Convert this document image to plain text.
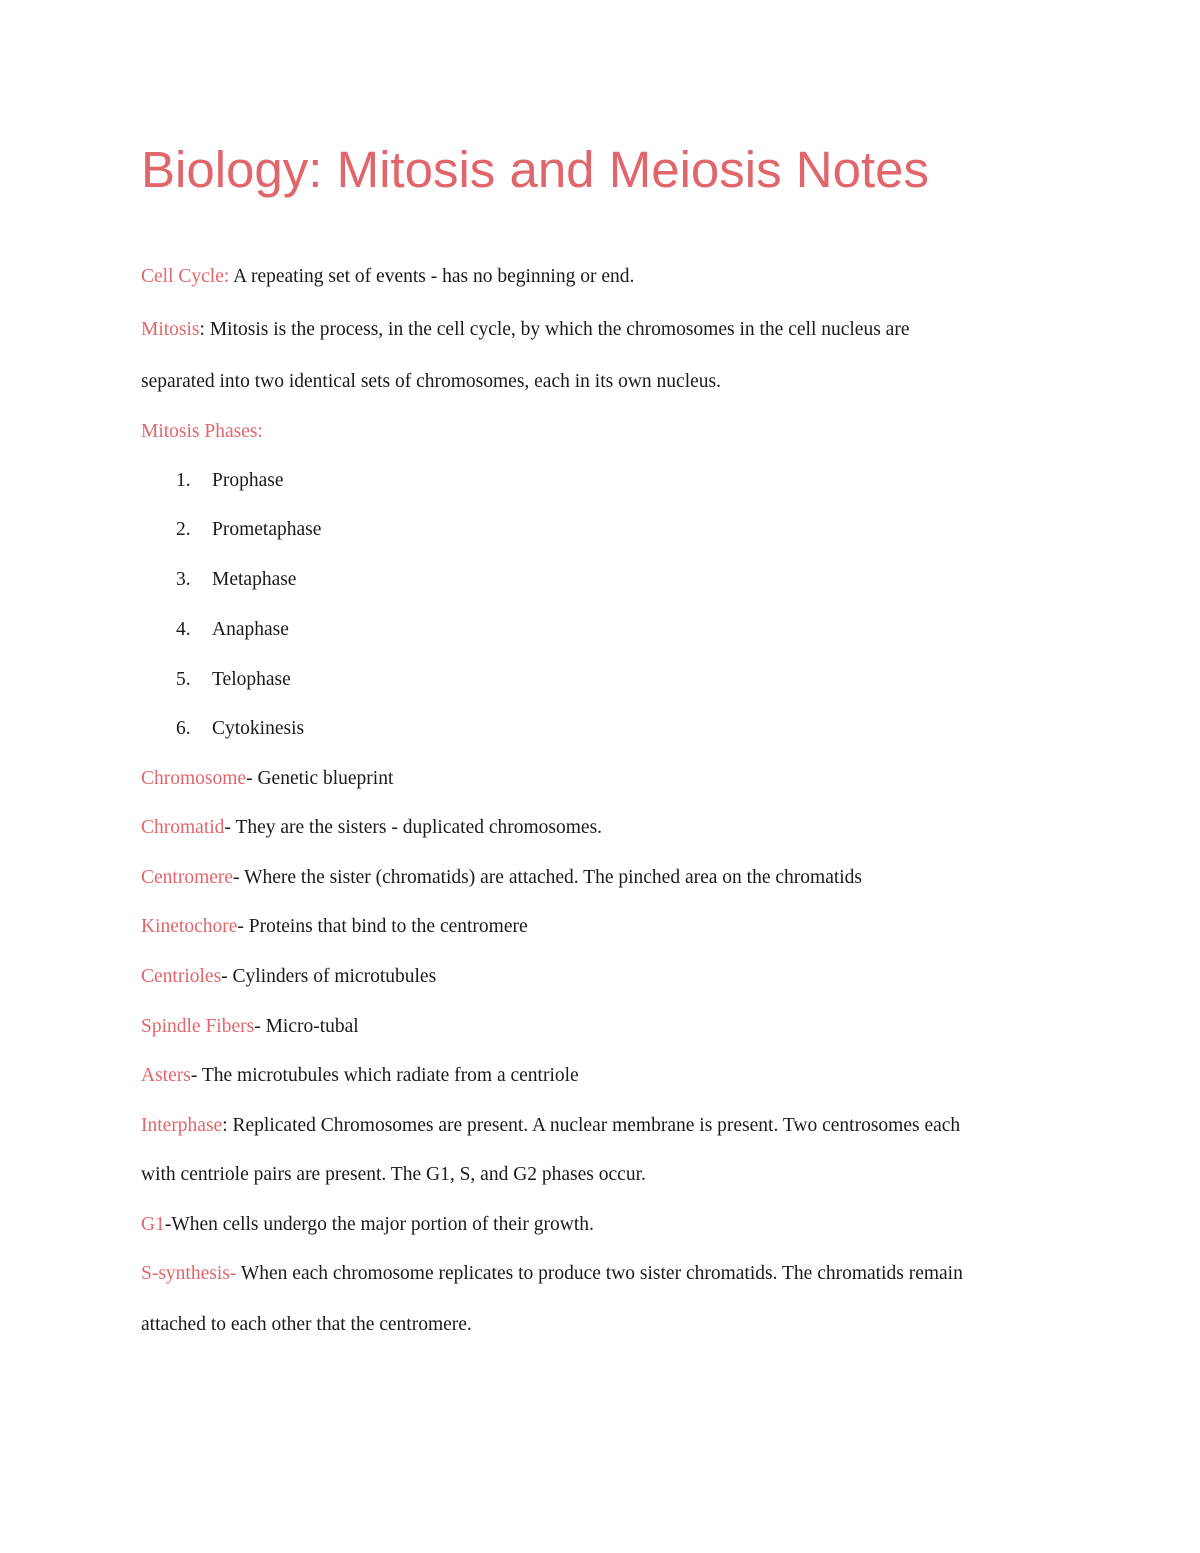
Biology: Mitosis and Meiosis Notes
Cell Cycle: A repeating set of events - has no beginning or end.
Mitosis: Mitosis is the process, in the cell cycle, by which the chromosomes in the cell nucleus are
separated into two identical sets of chromosomes, each in its own nucleus.
Mitosis Phases:
1. Prophase
2. Prometaphase
3. Metaphase
4. Anaphase
5. Telophase
6. Cytokinesis
Chromosome- Genetic blueprint
Chromatid- They are the sisters - duplicated chromosomes.
Centromere- Where the sister (chromatids) are attached. The pinched area on the chromatids
Kinetochore- Proteins that bind to the centromere
Centrioles- Cylinders of microtubules
Spindle Fibers- Micro-tubal
Asters- The microtubules which radiate from a centriole
Interphase: Replicated Chromosomes are present. A nuclear membrane is present. Two centrosomes each
with centriole pairs are present. The G1, S, and G2 phases occur.
G1-When cells undergo the major portion of their growth.
S-synthesis- When each chromosome replicates to produce two sister chromatids. The chromatids remain
attached to each other that the centromere.
